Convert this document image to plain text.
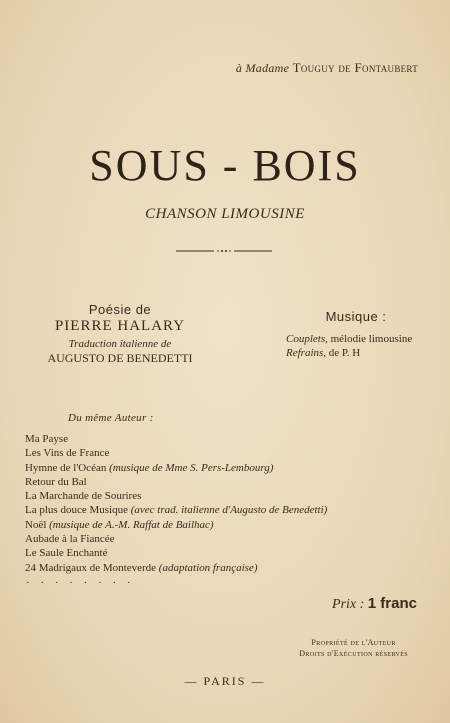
à Madame Touguy de Fontaubert
SOUS - BOIS
CHANSON LIMOUSINE
Poésie de
PIERRE HALARY
Traduction italienne de
AUGUSTO DE BENEDETTI
Musique :
Couplets, mélodie limousine
Refrains, de P. H
Du même Auteur :
Ma Payse
Les Vins de France
Hymne de l'Océan (musique de Mme S. Pers-Lembourg)
Retour du Bal
La Marchande de Sourires
La plus douce Musique (avec trad. italienne d'Augusto de Benedetti)
Noël (musique de A.-M. Raffat de Bailhac)
Aubade à la Fiancée
Le Saule Enchanté
24 Madrigaux de Monteverde (adaptation française)
· · · · · · · ·
Prix : 1 franc
Propriété de l'Auteur
Droits d'Exécution réservés
— PARIS —
